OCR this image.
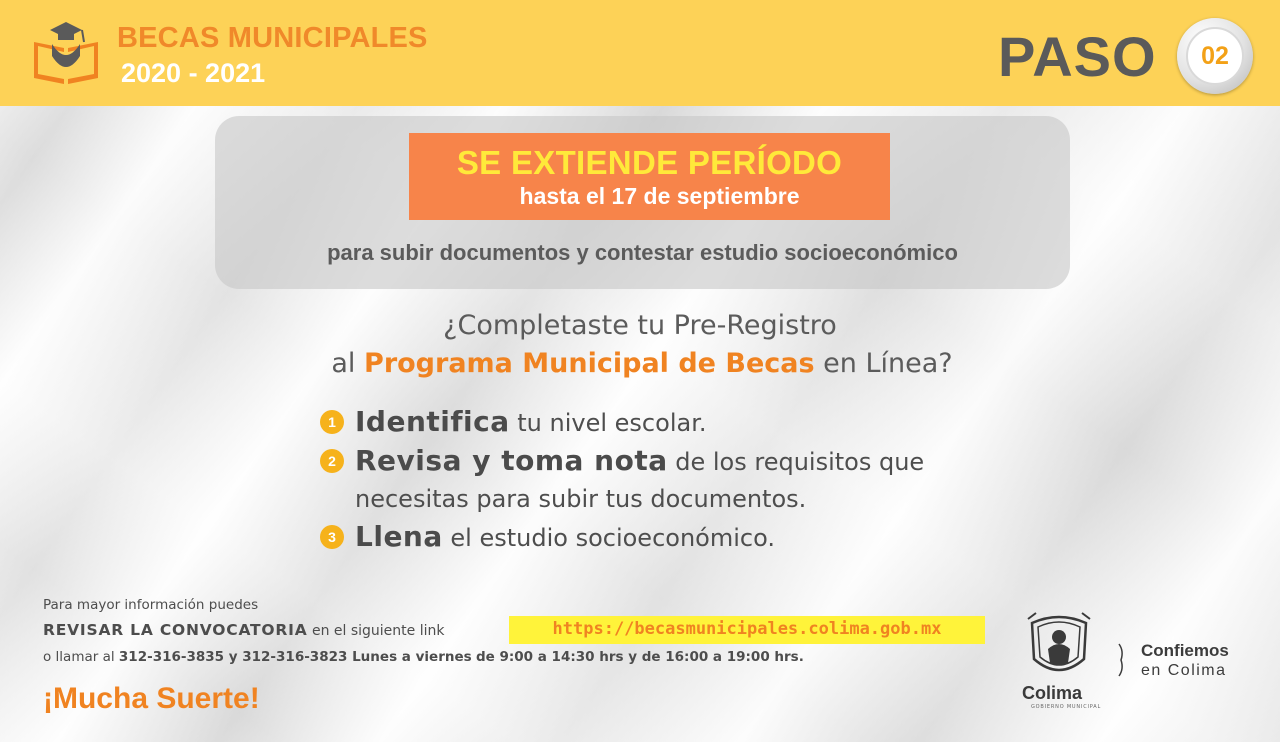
BECAS MUNICIPALES
2020 - 2021	PASO	02
SE EXTIENDE PERÍODO
hasta el 17 de septiembre
para subir documentos y contestar estudio socioeconómico
¿Completaste tu Pre-Registro
al Programa Municipal de Becas en Línea?
1 Identifica tu nivel escolar.
2 Revisa y toma nota de los requisitos que necesitas para subir tus documentos.
3 Llena el estudio socioeconómico.
Para mayor información puedes
REVISAR LA CONVOCATORIA en el siguiente link	https://becasmunicipales.colima.gob.mx
o llamar al 312-316-3835 y 312-316-3823 Lunes a viernes de 9:00 a 14:30 hrs y de 16:00 a 19:00 hrs.
¡Mucha Suerte!	Colima
GOBIERNO MUNICIPAL
Confiemos
en Colima
